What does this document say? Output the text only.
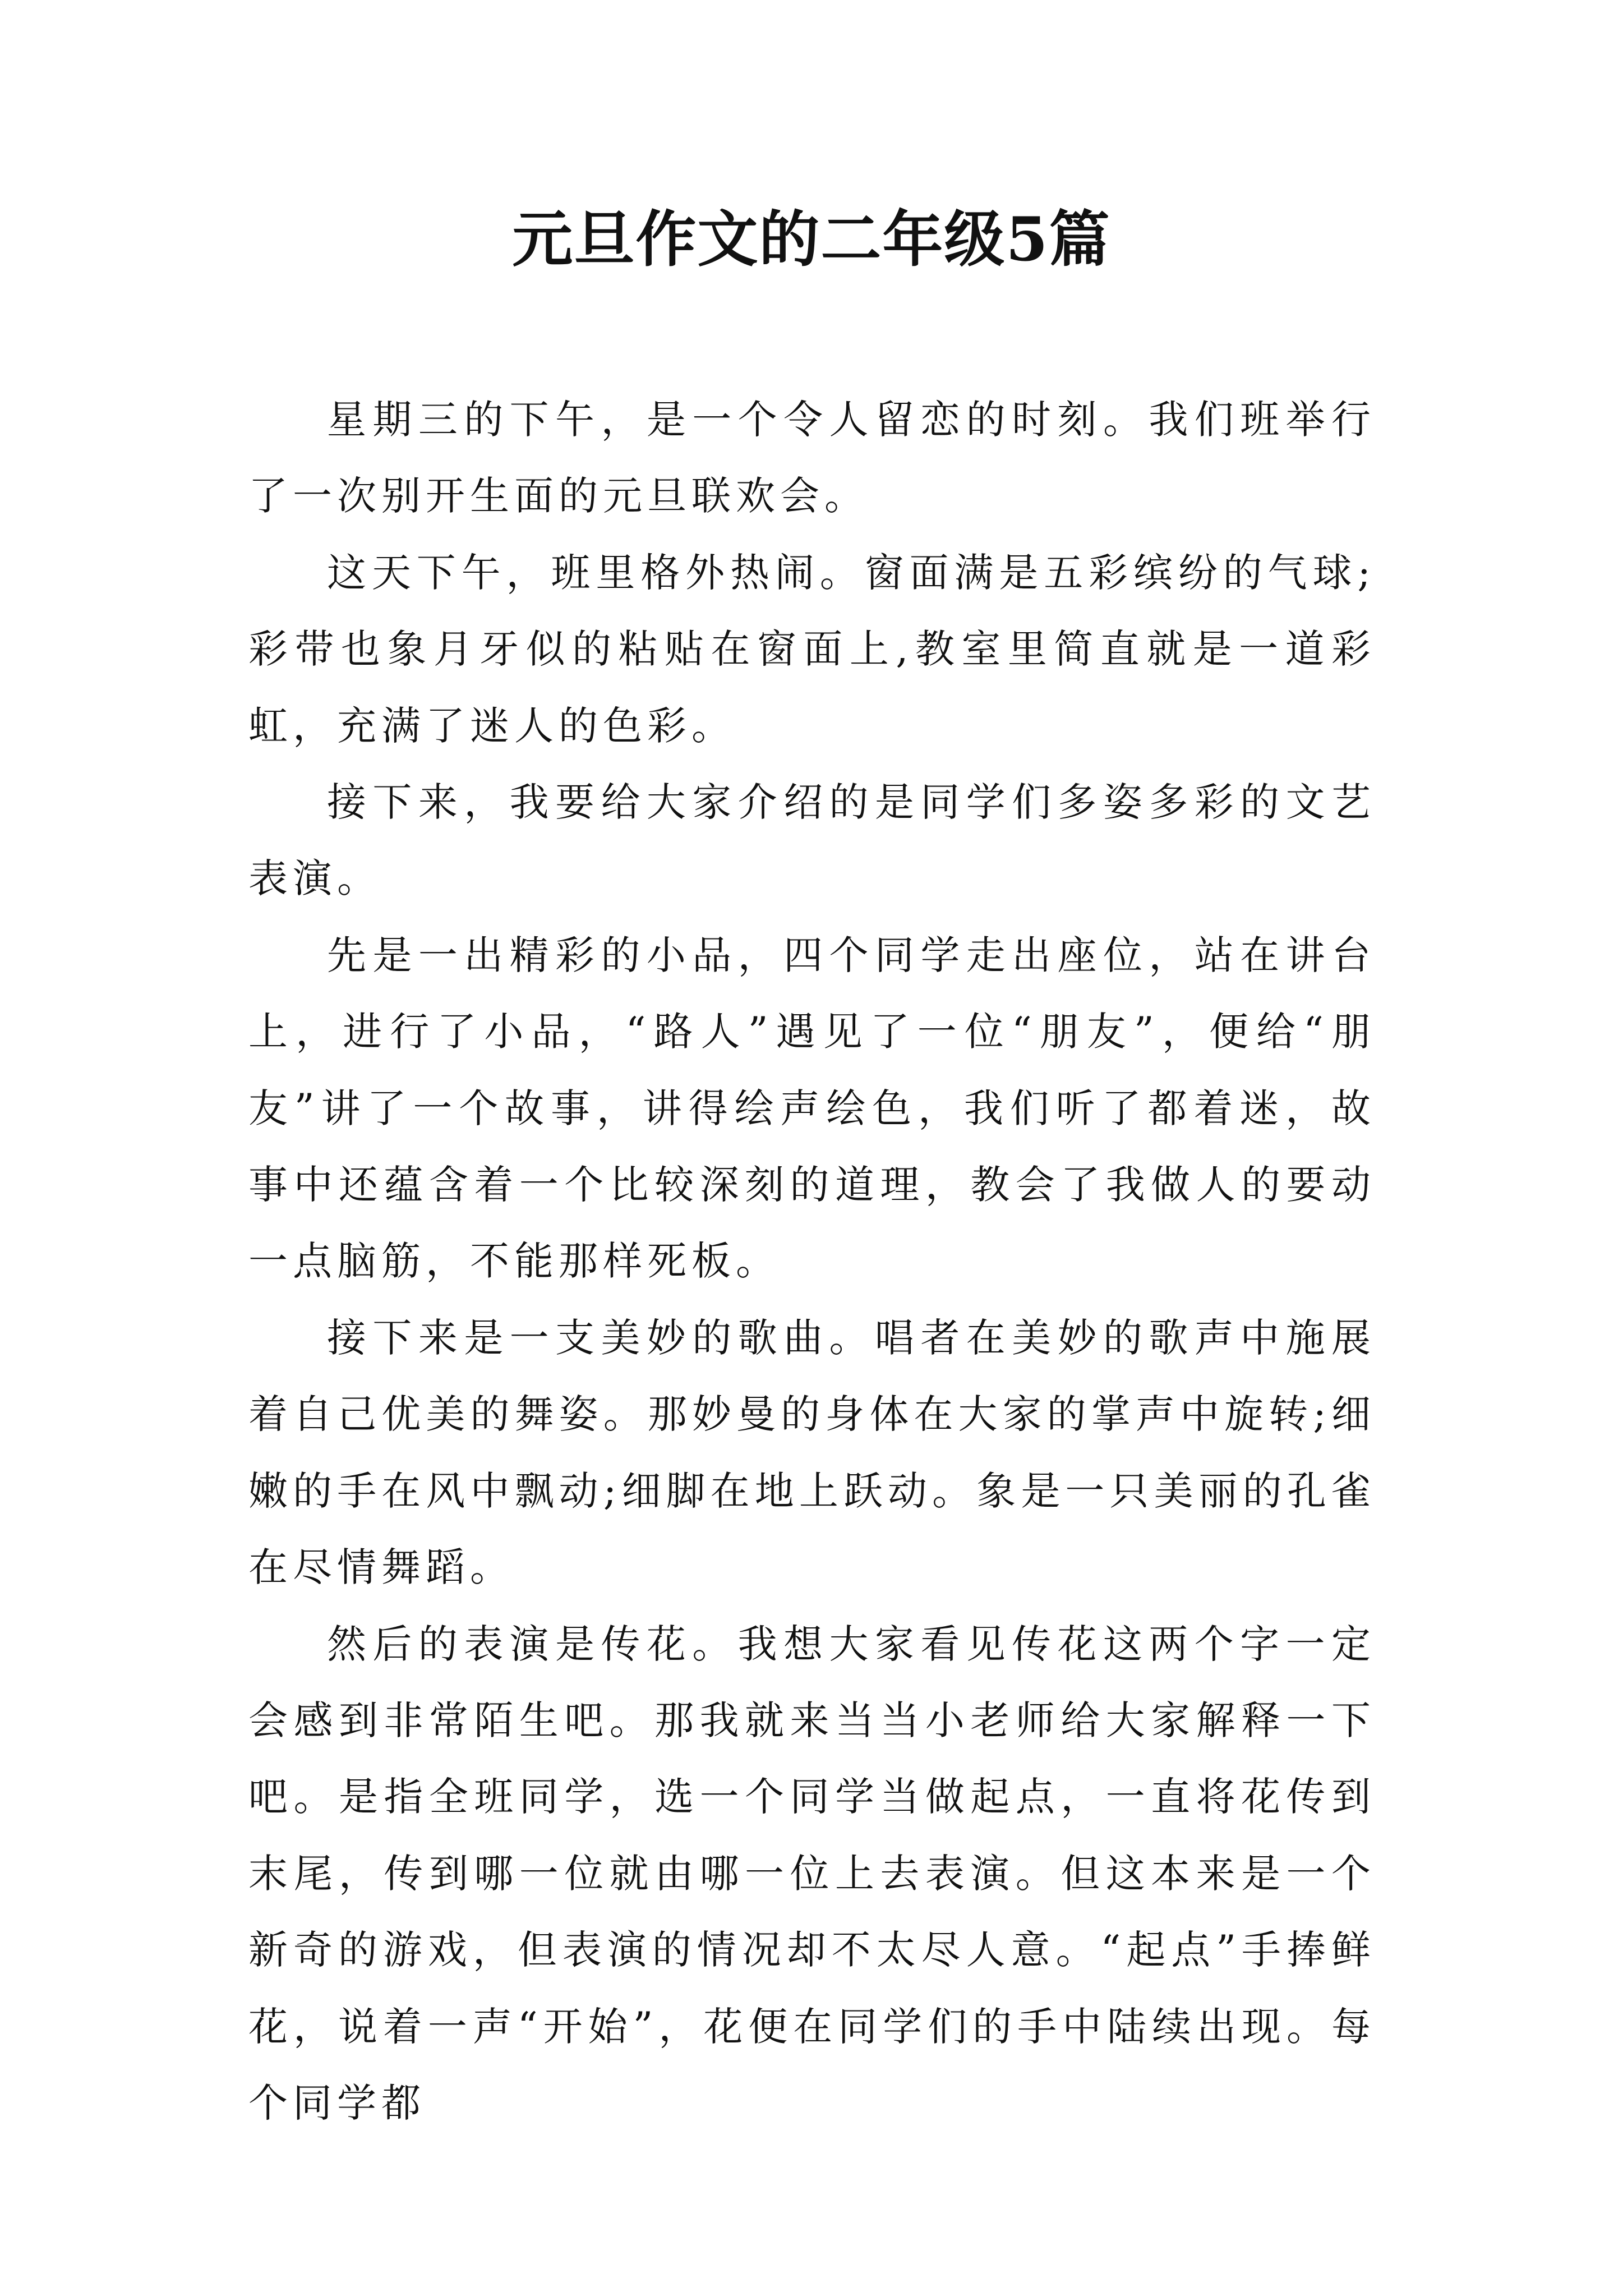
元旦作文的二年级5篇

星期三的下午，是一个令人留恋的时刻。我们班举行了一次别开生面的元旦联欢会。

这天下午，班里格外热闹。窗面满是五彩缤纷的气球;彩带也象月牙似的粘贴在窗面上,教室里简直就是一道彩虹，充满了迷人的色彩。

接下来，我要给大家介绍的是同学们多姿多彩的文艺表演。

先是一出精彩的小品，四个同学走出座位，站在讲台上，进行了小品，“路人”遇见了一位“朋友”，便给“朋友”讲了一个故事，讲得绘声绘色，我们听了都着迷，故事中还蕴含着一个比较深刻的道理，教会了我做人的要动一点脑筋，不能那样死板。

接下来是一支美妙的歌曲。唱者在美妙的歌声中施展着自己优美的舞姿。那妙曼的身体在大家的掌声中旋转;细嫩的手在风中飘动;细脚在地上跃动。象是一只美丽的孔雀在尽情舞蹈。

然后的表演是传花。我想大家看见传花这两个字一定会感到非常陌生吧。那我就来当当小老师给大家解释一下吧。是指全班同学，选一个同学当做起点，一直将花传到末尾，传到哪一位就由哪一位上去表演。但这本来是一个新奇的游戏，但表演的情况却不太尽人意。“起点”手捧鲜花，说着一声“开始”，花便在同学们的手中陆续出现。每个同学都
